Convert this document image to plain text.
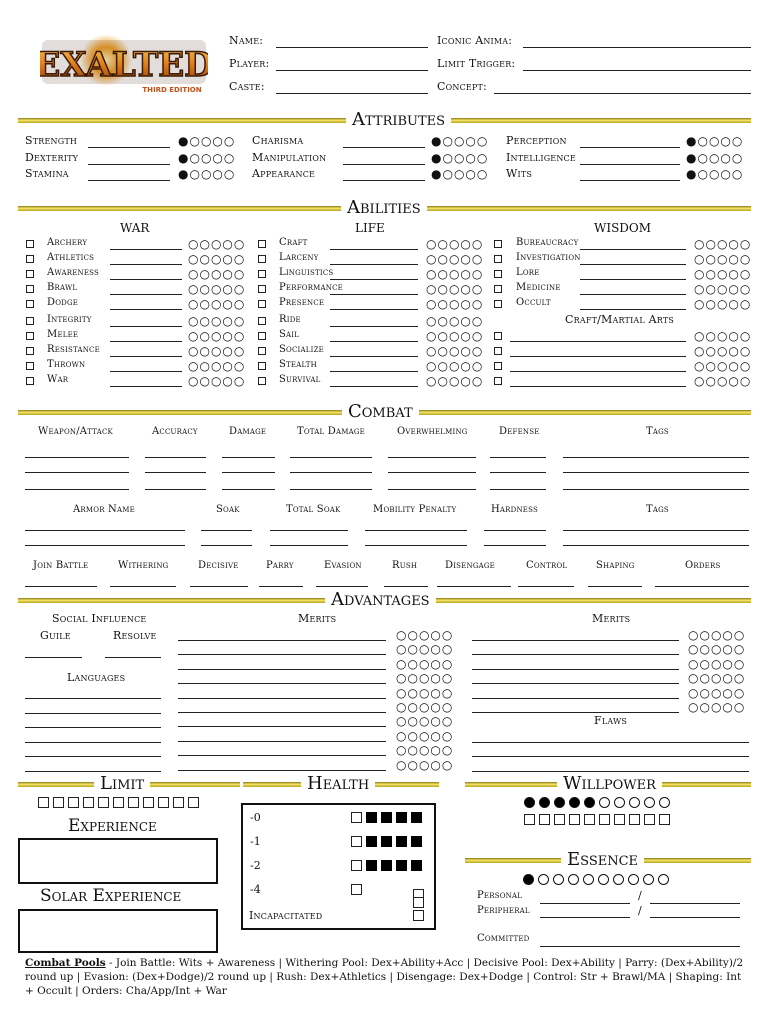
EXALTED
THIRD EDITION
Name:
Player:
Caste:
Iconic Anima:
Limit Trigger:
Concept:
Attributes
Abilities
WAR	LIFE	WISDOM
Craft/Martial Arts
Combat
Advantages
Social Influence
Guile	Resolve
Languages
Merits	Merits
Flaws
Limit
Experience
Solar Experience
Health	Willpower
Essence
Personal	/
Peripheral	/
Committed
Combat Pools - Join Battle: Wits + Awareness | Withering Pool: Dex+Ability+Acc | Decisive Pool: Dex+Ability | Parry: (Dex+Ability)/2 round up | Evasion: (Dex+Dodge)/2 round up | Rush: Dex+Athletics | Disengage: Dex+Dodge | Control: Str + Brawl/MA | Shaping: Int + Occult | Orders: Cha/App/Int + War
Strength	●○○○○
Dexterity	●○○○○
Stamina	●○○○○
Charisma	●○○○○
Manipulation	●○○○○
Appearance	●○○○○
Perception	●○○○○
Intelligence	●○○○○
Wits	●○○○○
Archery	○○○○○
Athletics	○○○○○
Awareness	○○○○○
Brawl	○○○○○
Dodge	○○○○○
Integrity	○○○○○
Melee	○○○○○
Resistance	○○○○○
Thrown	○○○○○
War	○○○○○
Craft	○○○○○
Larceny	○○○○○
Linguistics	○○○○○
Performance	○○○○○
Presence	○○○○○
Ride	○○○○○
Sail	○○○○○
Socialize	○○○○○
Stealth	○○○○○
Survival	○○○○○
Bureaucracy	○○○○○
Investigation	○○○○○
Lore	○○○○○
Medicine	○○○○○
Occult	○○○○○
○○○○○
○○○○○
○○○○○
○○○○○
Weapon/Attack	Accuracy	Damage	Total Damage	Overwhelming	Defense	Tags
Armor Name	Soak	Total Soak	Mobility Penalty	Hardness	Tags
Join Battle	Withering	Decisive	Parry	Evasion	Rush	Disengage	Control	Shaping	Orders
○○○○○
○○○○○
○○○○○
○○○○○
○○○○○
○○○○○
○○○○○
○○○○○
○○○○○
○○○○○
○○○○○
○○○○○
○○○○○
○○○○○
○○○○○
○○○○○
-0
-1
-2
-4
Incapacitated
